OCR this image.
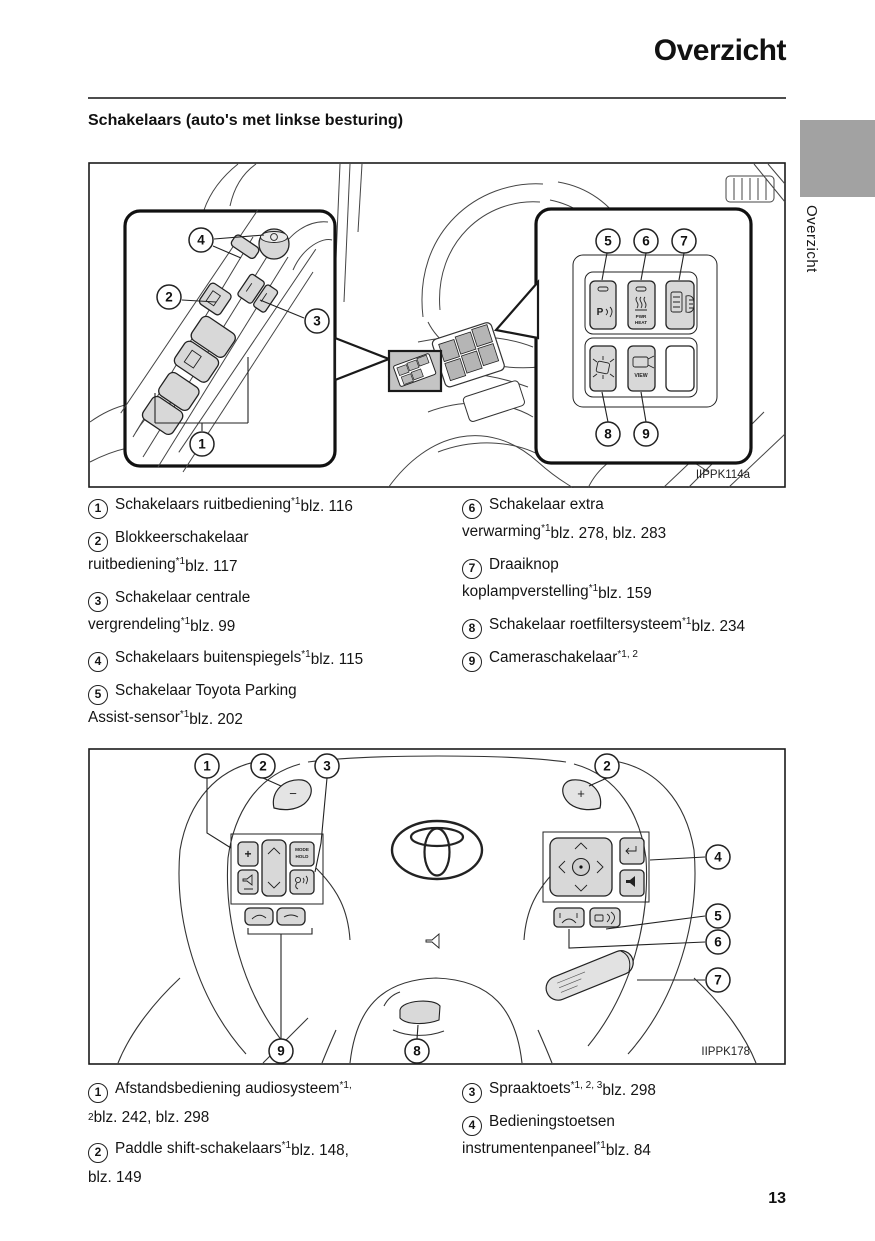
Overzicht
Schakelaars (auto's met linkse besturing)
Overzicht
4
2
3
1
P	PWR
HEAT
VIEW
5 6 7
8 9
IIPPK114a

1 Schakelaars ruitbediening$^{*1}$blz. 116

2 Blokkeerschakelaar
ruitbediening$^{*1}$blz. 117

3 Schakelaar centrale
vergrendeling$^{*1}$blz. 99

4 Schakelaars buitenspiegels$^{*1}$blz. 115

5 Schakelaar Toyota Parking
Assist-sensor$^{*1}$blz. 202

6 Schakelaar extra
verwarming$^{*1}$blz. 278, blz. 283

7 Draaiknop
koplampverstelling$^{*1}$blz. 159

8 Schakelaar roetfiltersysteem$^{*1}$blz. 234

9 Cameraschakelaar$^{*1, 2}$

−	+
+	MODE
HOLD
1	2	3	2
4
5
6
7
9	8	IIPPK178

1 Afstandsbediening audiosysteem$^{*1,}$
2blz. 242, blz. 298

2 Paddle shift-schakelaars$^{*1}$blz. 148,
blz. 149

3 Spraaktoets$^{*1, 2, 3}$blz. 298

4 Bedieningstoetsen
instrumentenpaneel$^{*1}$blz. 84

13
